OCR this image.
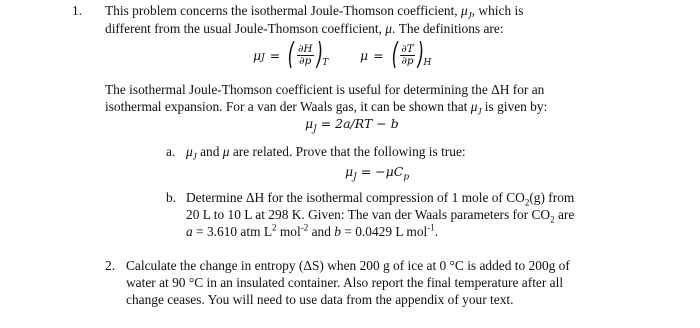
1. This problem concerns the isothermal Joule-Thomson coefficient, $\mu_J$, which is
different from the usual Joule-Thomson coefficient, μ. The definitions are:
$\mu_J$ = ( $\frac{\partial H}{\partial p}$ ) T
μ = ( $\frac{\partial T}{\partial p}$ ) H
The isothermal Joule-Thomson coefficient is useful for determining the ΔH for an
isothermal expansion. For a van der Waals gas, it can be shown that $\mu_J$ is given by:
$\mu_J = 2a/RT - b$
a. $\mu_J$ and μ are related. Prove that the following is true:
$\mu_J = -\mu C_p$
b. Determine ΔH for the isothermal compression of 1 mole of $CO_2(g)$ from
20 L to 10 L at 298 K. Given: The van der Waals parameters for $CO_2$ are
a = 3.610 atm $L^2$ mol$^{-2}$ and b = 0.0429 L mol$^{-1}$.
2. Calculate the change in entropy (ΔS) when 200 g of ice at 0 °C is added to 200g of
water at 90 °C in an insulated container. Also report the final temperature after all
change ceases. You will need to use data from the appendix of your text.
